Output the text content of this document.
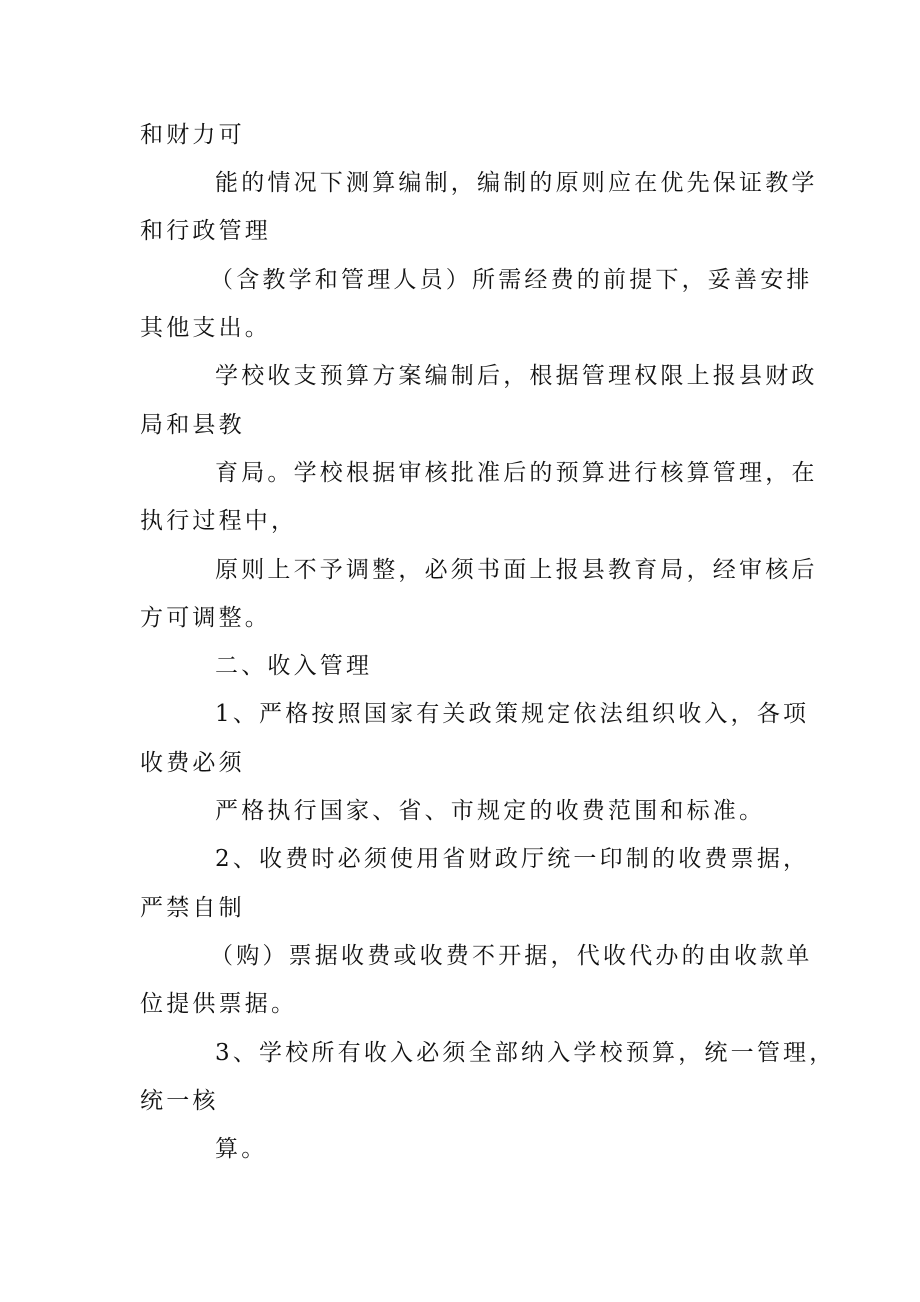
和财力可
能的情况下测算编制，编制的原则应在优先保证教学
和行政管理
（含教学和管理人员）所需经费的前提下，妥善安排
其他支出。
学校收支预算方案编制后，根据管理权限上报县财政
局和县教
育局。学校根据审核批准后的预算进行核算管理，在
执行过程中，
原则上不予调整，必须书面上报县教育局，经审核后
方可调整。
二、收入管理
1、严格按照国家有关政策规定依法组织收入，各项
收费必须
严格执行国家、省、市规定的收费范围和标准。
2、收费时必须使用省财政厅统一印制的收费票据，
严禁自制
（购）票据收费或收费不开据，代收代办的由收款单
位提供票据。
3、学校所有收入必须全部纳入学校预算，统一管理，
统一核
算。
